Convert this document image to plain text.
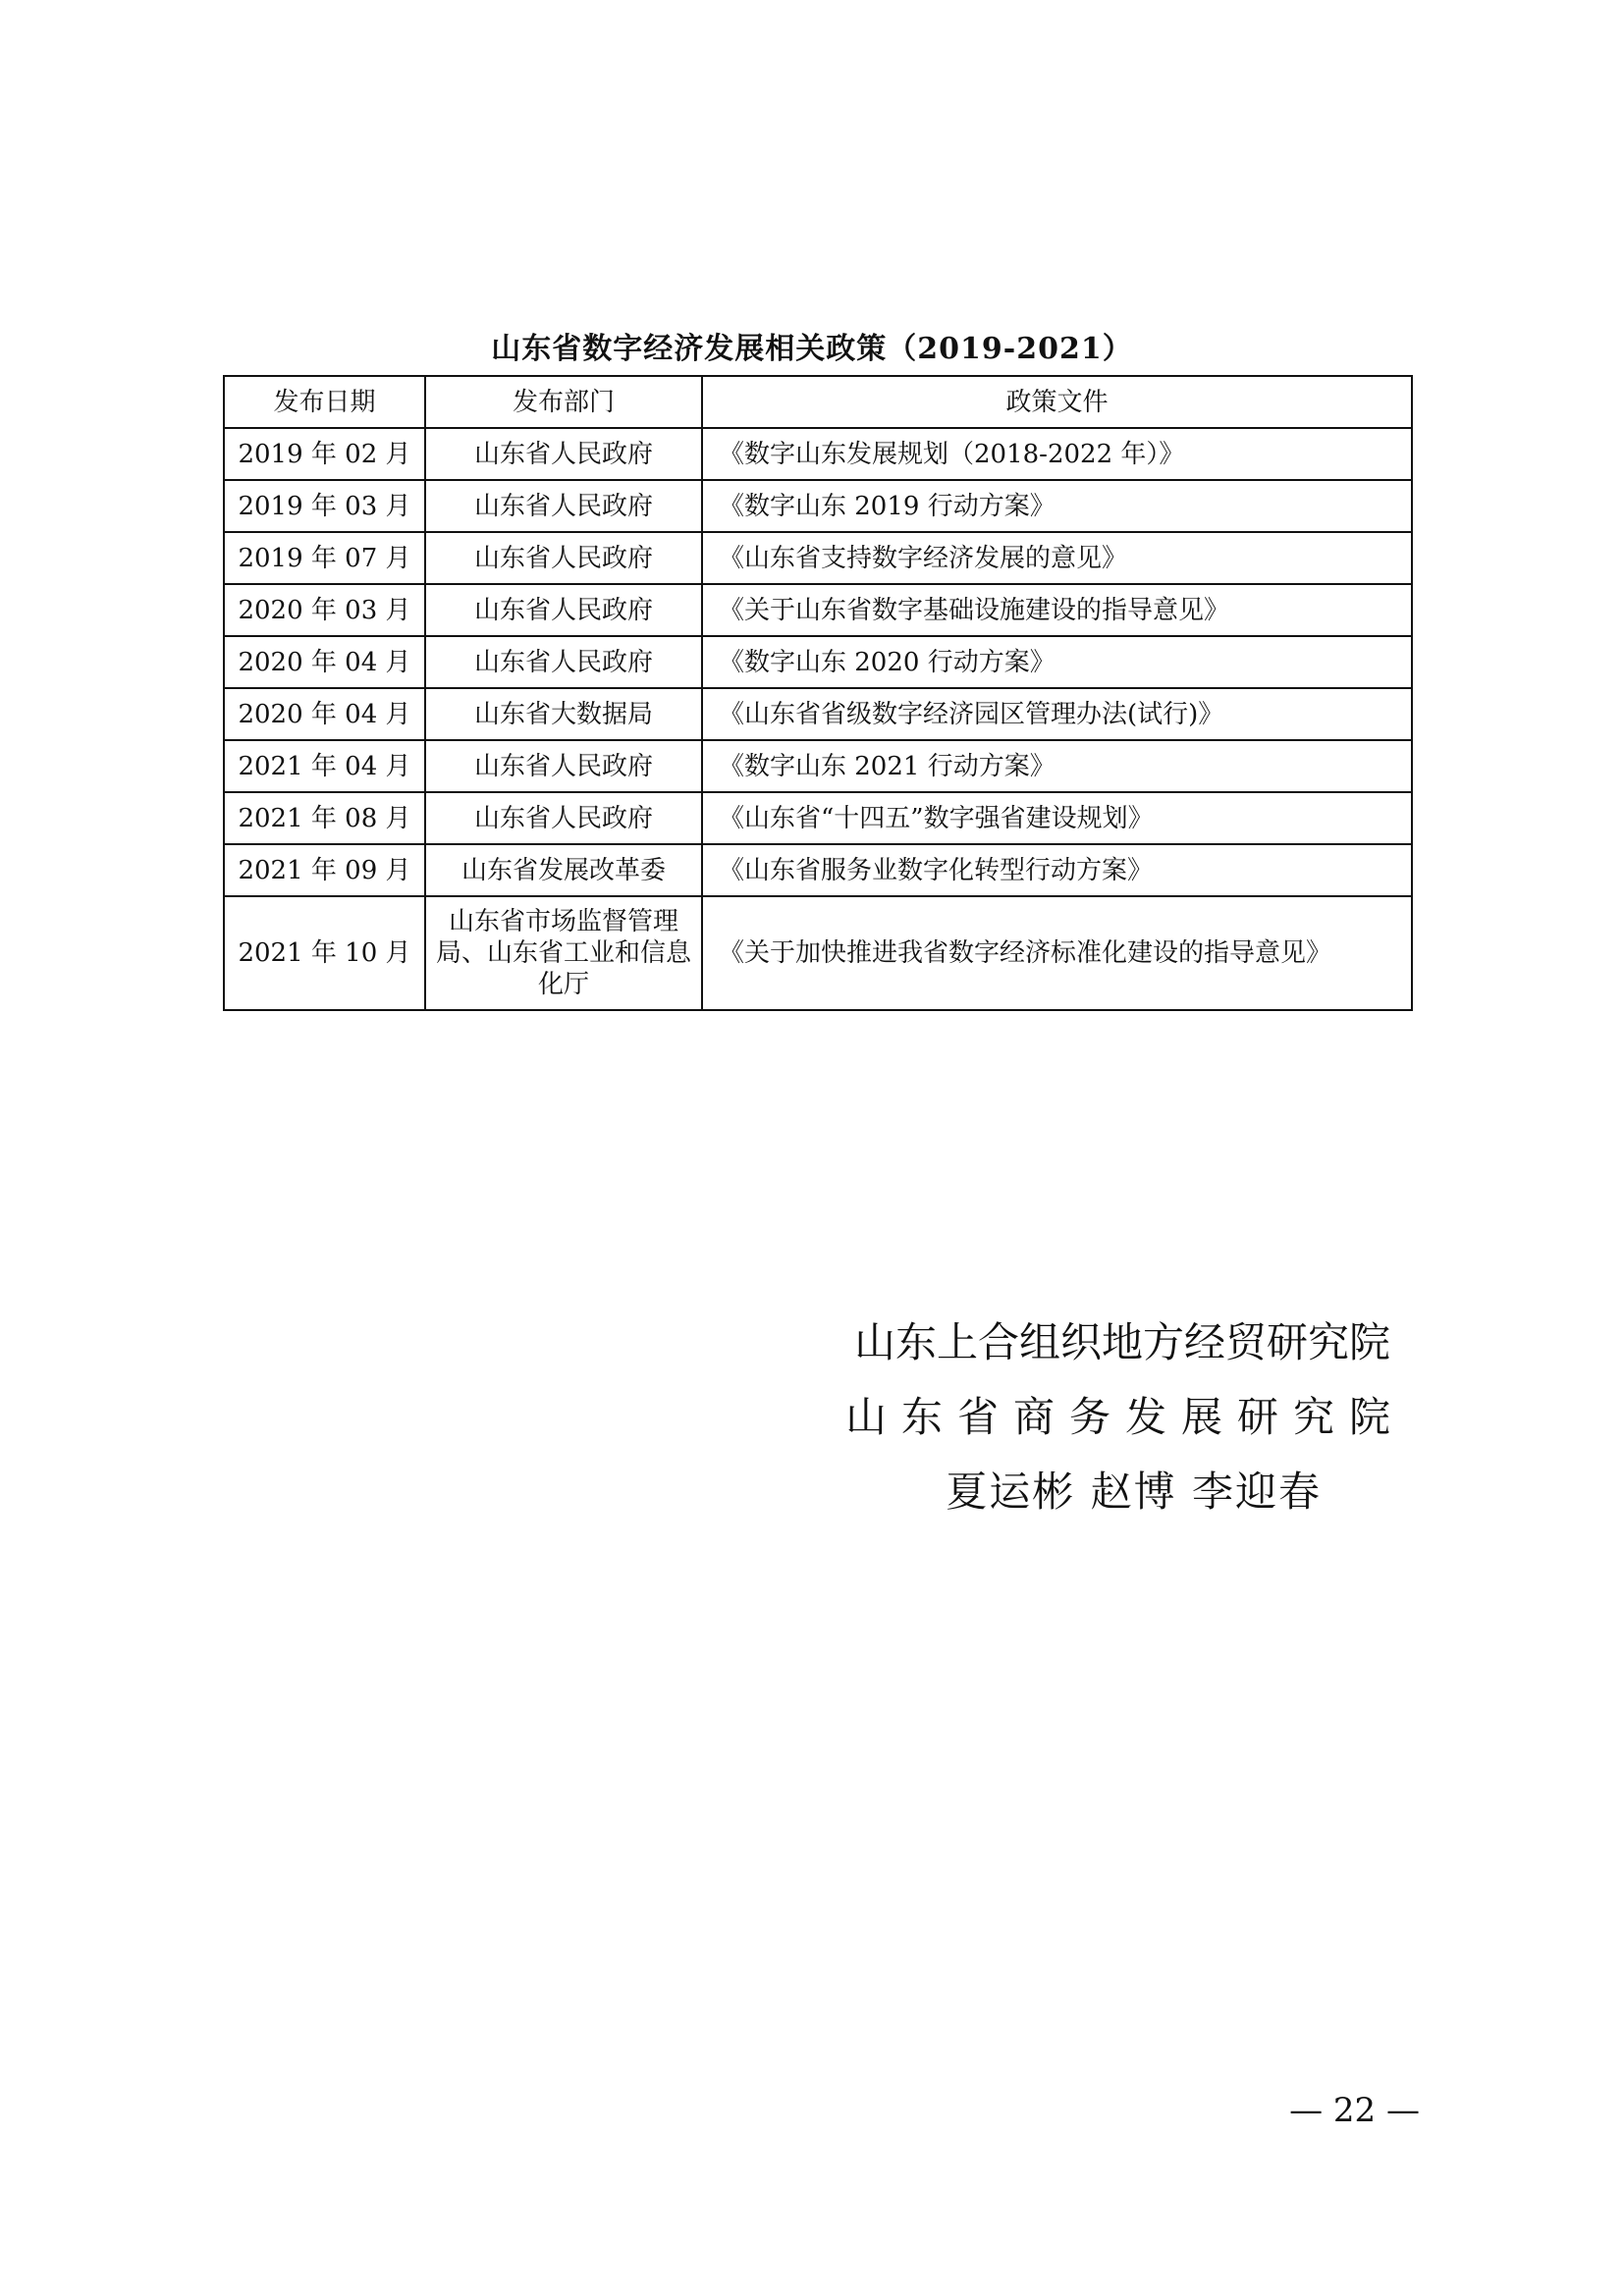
山东省数字经济发展相关政策（2019-2021）
发布日期	发布部门	政策文件
2019 年 02 月	山东省人民政府	《数字山东发展规划（2018-2022 年）》
2019 年 03 月	山东省人民政府	《数字山东 2019 行动方案》
2019 年 07 月	山东省人民政府	《山东省支持数字经济发展的意见》
2020 年 03 月	山东省人民政府	《关于山东省数字基础设施建设的指导意见》
2020 年 04 月	山东省人民政府	《数字山东 2020 行动方案》
2020 年 04 月	山东省大数据局	《山东省省级数字经济园区管理办法(试行)》
2021 年 04 月	山东省人民政府	《数字山东 2021 行动方案》
2021 年 08 月	山东省人民政府	《山东省“十四五”数字强省建设规划》
2021 年 09 月	山东省发展改革委	《山东省服务业数字化转型行动方案》
2021 年 10 月	山东省市场监督管理局、山东省工业和信息化厅	《关于加快推进我省数字经济标准化建设的指导意见》
山东上合组织地方经贸研究院
山东省商务发展研究院
夏运彬 赵博 李迎春
— 22 —
